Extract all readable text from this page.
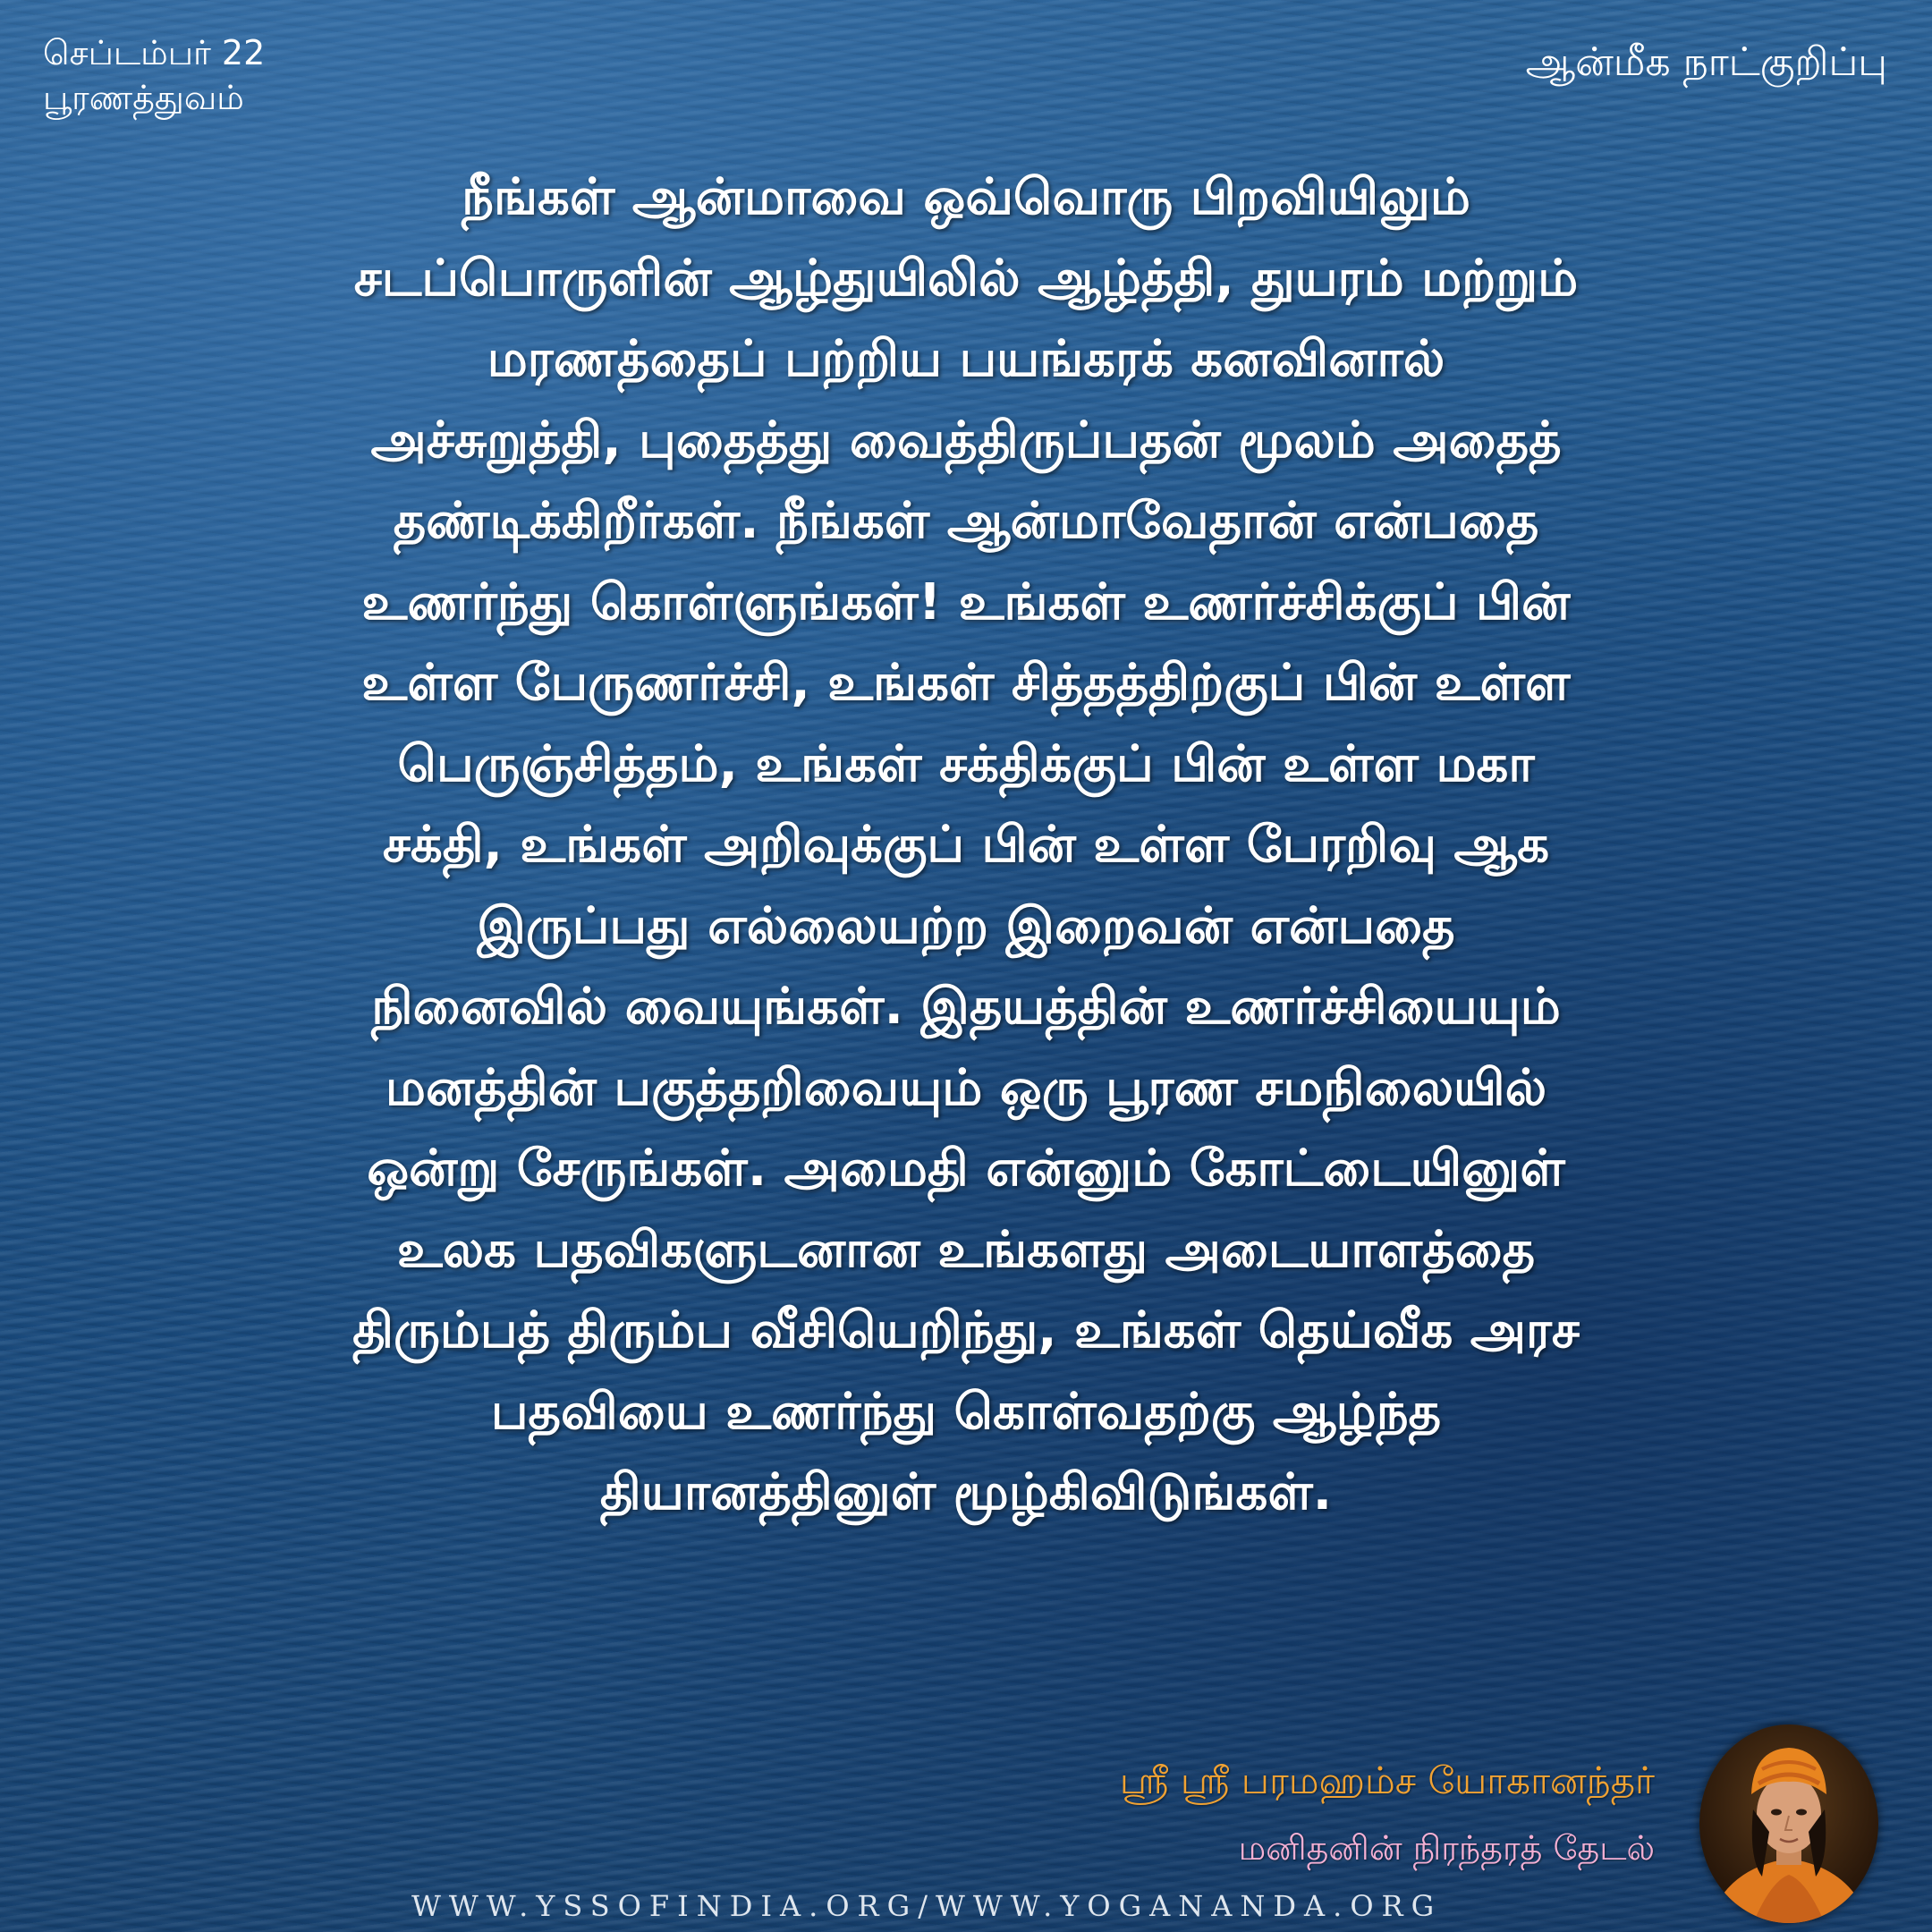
செப்டம்பர் 22
பூரணத்துவம்
ஆன்மீக நாட்குறிப்பு
நீங்கள் ஆன்மாவை ஒவ்வொரு பிறவியிலும்
சடப்பொருளின் ஆழ்துயிலில் ஆழ்த்தி, துயரம் மற்றும்
மரணத்தைப் பற்றிய பயங்கரக் கனவினால்
அச்சுறுத்தி, புதைத்து வைத்திருப்பதன் மூலம் அதைத்
தண்டிக்கிறீர்கள். நீங்கள் ஆன்மாவேதான் என்பதை
உணர்ந்து கொள்ளுங்கள்! உங்கள் உணர்ச்சிக்குப் பின்
உள்ள பேருணர்ச்சி, உங்கள் சித்தத்திற்குப் பின் உள்ள
பெருஞ்சித்தம், உங்கள் சக்திக்குப் பின் உள்ள மகா
சக்தி, உங்கள் அறிவுக்குப் பின் உள்ள பேரறிவு ஆக
இருப்பது எல்லையற்ற இறைவன் என்பதை
நினைவில் வையுங்கள். இதயத்தின் உணர்ச்சியையும்
மனத்தின் பகுத்தறிவையும் ஒரு பூரண சமநிலையில்
ஒன்று சேருங்கள். அமைதி என்னும் கோட்டையினுள்
உலக பதவிகளுடனான உங்களது அடையாளத்தை
திரும்பத் திரும்ப வீசியெறிந்து, உங்கள் தெய்வீக அரச
பதவியை உணர்ந்து கொள்வதற்கு ஆழ்ந்த
தியானத்தினுள் மூழ்கிவிடுங்கள்.
ஸ்ரீ ஸ்ரீ பரமஹம்ச யோகானந்தர்
மனிதனின் நிரந்தரத் தேடல்
WWW.YSSOFINDIA.ORG/WWW.YOGANANDA.ORG
